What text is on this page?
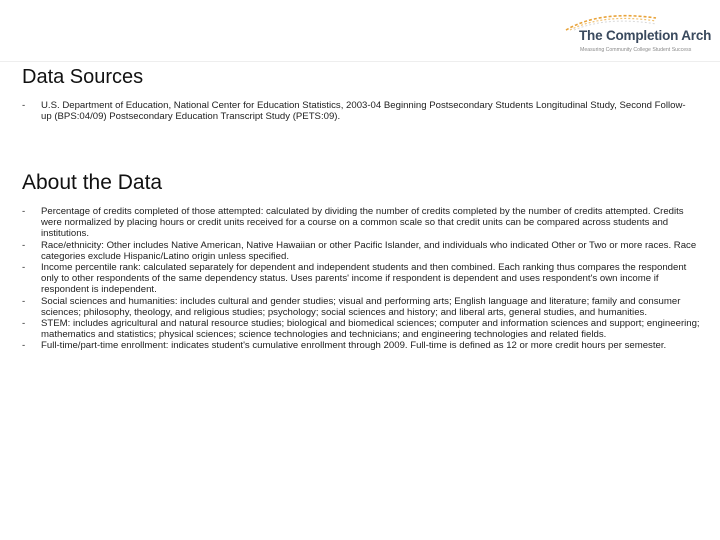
The Completion Arch
Measuring Community College Student Success
Data Sources
-	U.S. Department of Education, National Center for Education Statistics, 2003-04 Beginning Postsecondary Students Longitudinal Study, Second Follow-up (BPS:04/09) Postsecondary Education Transcript Study (PETS:09).
About the Data
-	Percentage of credits completed of those attempted: calculated by dividing the number of credits completed by the number of credits attempted. Credits were normalized by placing hours or credit units received for a course on a common scale so that credit units can be compared across students and institutions.
-	Race/ethnicity: Other includes Native American, Native Hawaiian or other Pacific Islander, and individuals who indicated Other or Two or more races. Race categories exclude Hispanic/Latino origin unless specified.
-	Income percentile rank: calculated separately for dependent and independent students and then combined. Each ranking thus compares the respondent only to other respondents of the same dependency status. Uses parents' income if respondent is dependent and uses respondent's own income if respondent is independent.
-	Social sciences and humanities: includes cultural and gender studies; visual and performing arts; English language and literature; family and consumer sciences; philosophy, theology, and religious studies; psychology; social sciences and history; and liberal arts, general studies, and humanities.
-	STEM: includes agricultural and natural resource studies; biological and biomedical sciences; computer and information sciences and support; engineering; mathematics and statistics; physical sciences; science technologies and technicians; and engineering technologies and related fields.
-	Full-time/part-time enrollment: indicates student's cumulative enrollment through 2009. Full-time is defined as 12 or more credit hours per semester.
